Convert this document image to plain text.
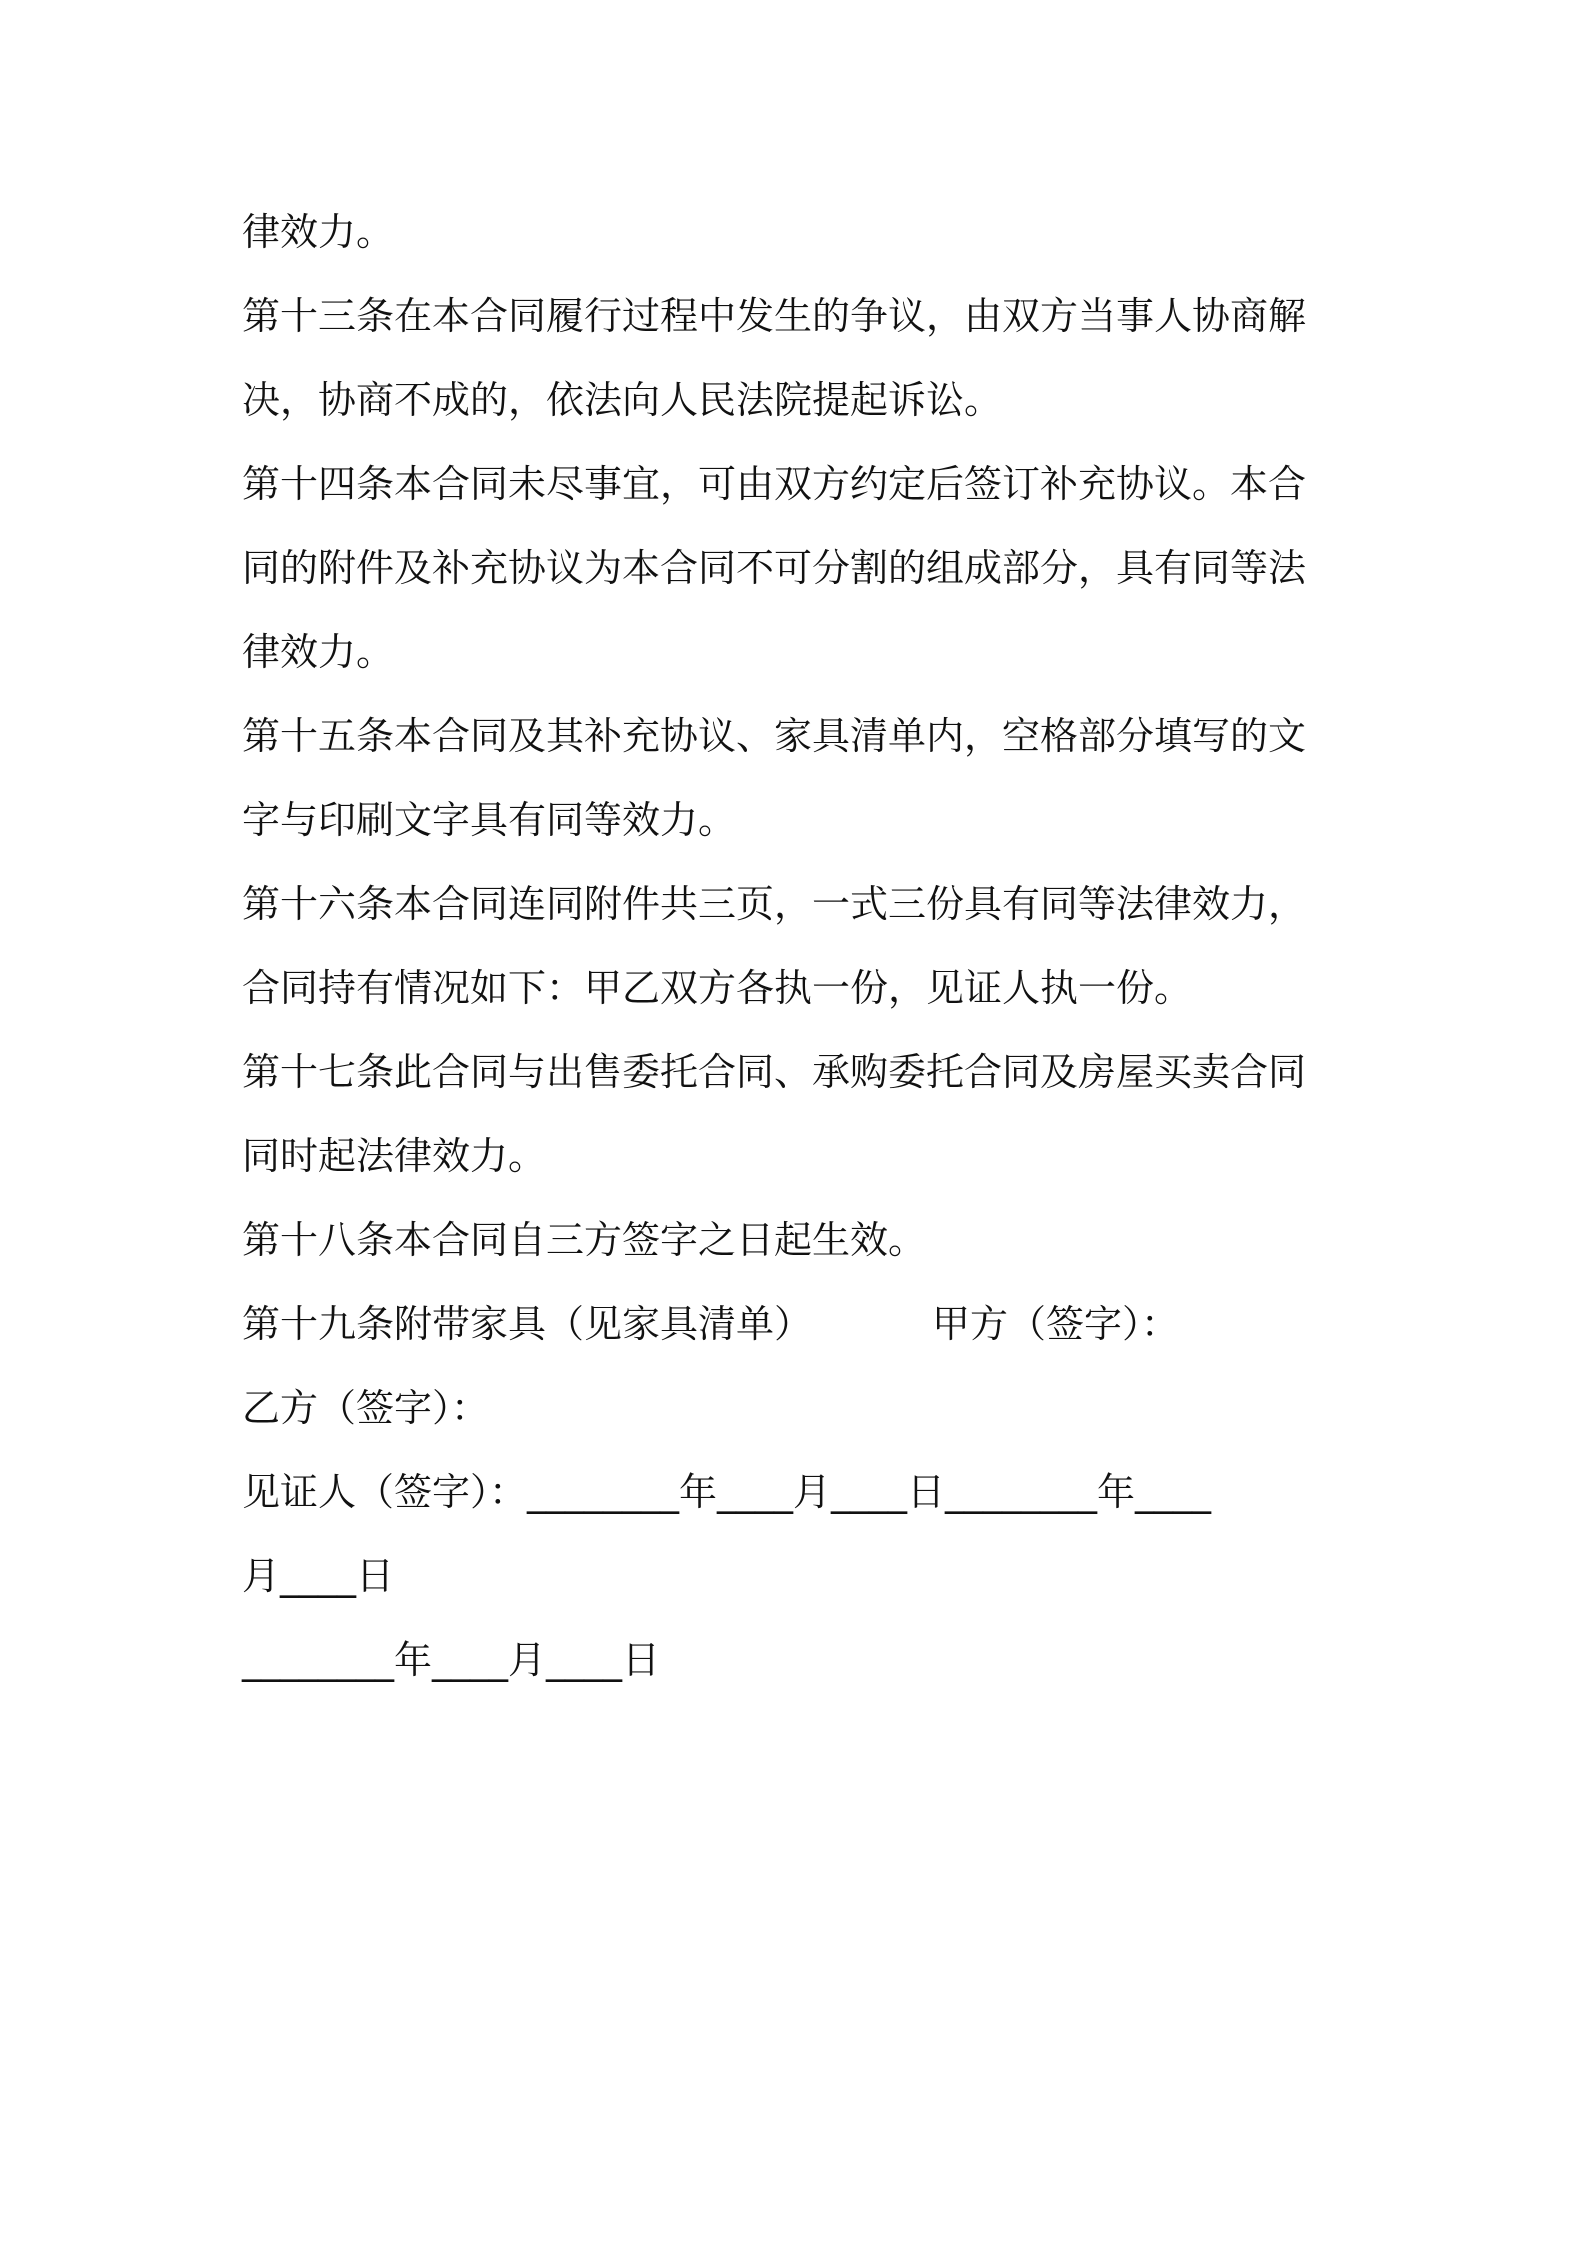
律效力。
第十三条在本合同履行过程中发生的争议，由双方当事人协商解
决，协商不成的，依法向人民法院提起诉讼。
第十四条本合同未尽事宜，可由双方约定后签订补充协议。本合
同的附件及补充协议为本合同不可分割的组成部分，具有同等法
律效力。
第十五条本合同及其补充协议、家具清单内，空格部分填写的文
字与印刷文字具有同等效力。
第十六条本合同连同附件共三页，一式三份具有同等法律效力，
合同持有情况如下：甲乙双方各执一份，见证人执一份。
第十七条此合同与出售委托合同、承购委托合同及房屋买卖合同
同时起法律效力。
第十八条本合同自三方签字之日起生效。
第十九条附带家具（见家具清单）	甲方（签字）：
乙方（签字）：
见证人（签字）：________年____月____日________年____
月____日
________年____月____日
